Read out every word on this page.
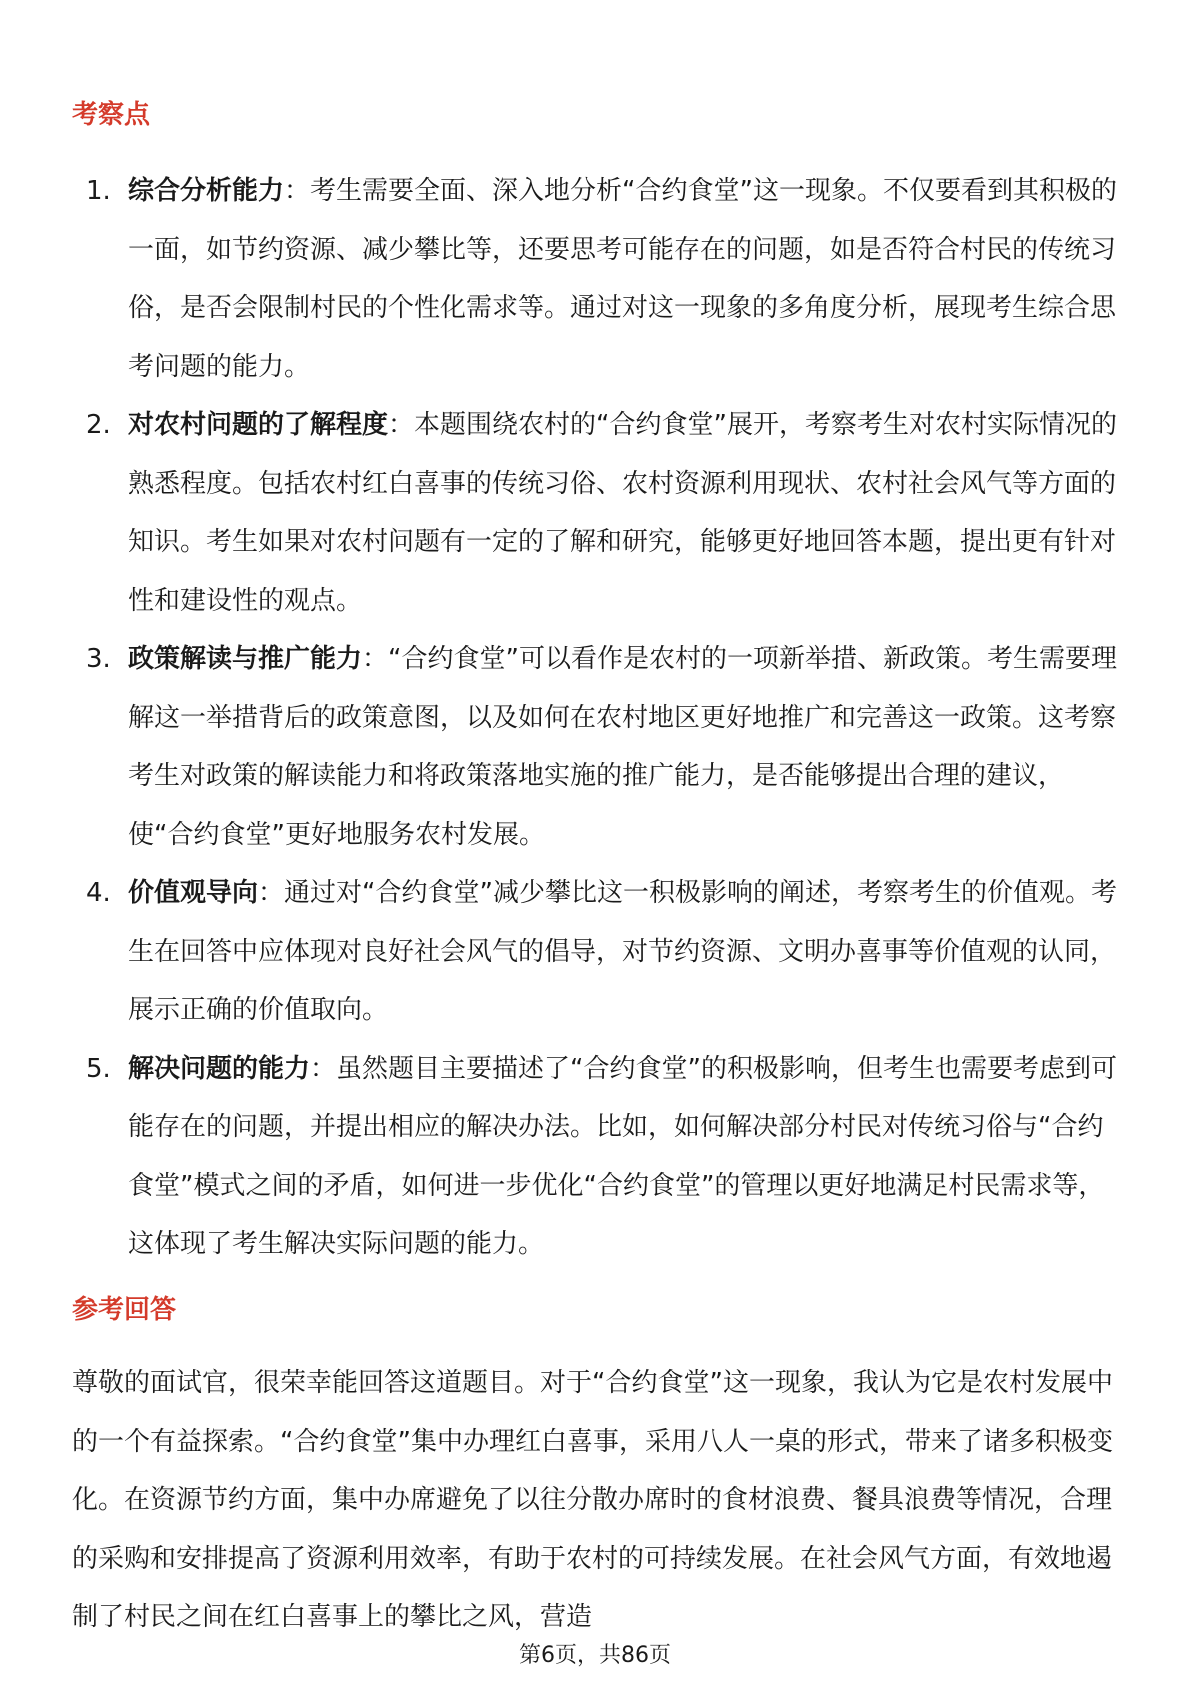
考察点
1. 综合分析能力：考生需要全面、深入地分析“合约食堂”这一现象。不仅要看到其积极的一面，如节约资源、减少攀比等，还要思考可能存在的问题，如是否符合村民的传统习俗，是否会限制村民的个性化需求等。通过对这一现象的多角度分析，展现考生综合思考问题的能力。
2. 对农村问题的了解程度：本题围绕农村的“合约食堂”展开，考察考生对农村实际情况的熟悉程度。包括农村红白喜事的传统习俗、农村资源利用现状、农村社会风气等方面的知识。考生如果对农村问题有一定的了解和研究，能够更好地回答本题，提出更有针对性和建设性的观点。
3. 政策解读与推广能力：“合约食堂”可以看作是农村的一项新举措、新政策。考生需要理解这一举措背后的政策意图，以及如何在农村地区更好地推广和完善这一政策。这考察考生对政策的解读能力和将政策落地实施的推广能力，是否能够提出合理的建议，使“合约食堂”更好地服务农村发展。
4. 价值观导向：通过对“合约食堂”减少攀比这一积极影响的阐述，考察考生的价值观。考生在回答中应体现对良好社会风气的倡导，对节约资源、文明办喜事等价值观的认同，展示正确的价值取向。
5. 解决问题的能力：虽然题目主要描述了“合约食堂”的积极影响，但考生也需要考虑到可能存在的问题，并提出相应的解决办法。比如，如何解决部分村民对传统习俗与“合约食堂”模式之间的矛盾，如何进一步优化“合约食堂”的管理以更好地满足村民需求等，这体现了考生解决实际问题的能力。
参考回答

尊敬的面试官，很荣幸能回答这道题目。对于“合约食堂”这一现象，我认为它是农村发展中的一个有益探索。“合约食堂”集中办理红白喜事，采用八人一桌的形式，带来了诸多积极变化。在资源节约方面，集中办席避免了以往分散办席时的食材浪费、餐具浪费等情况，合理的采购和安排提高了资源利用效率，有助于农村的可持续发展。在社会风气方面，有效地遏制了村民之间在红白喜事上的攀比之风，营造

第6页，共86页
